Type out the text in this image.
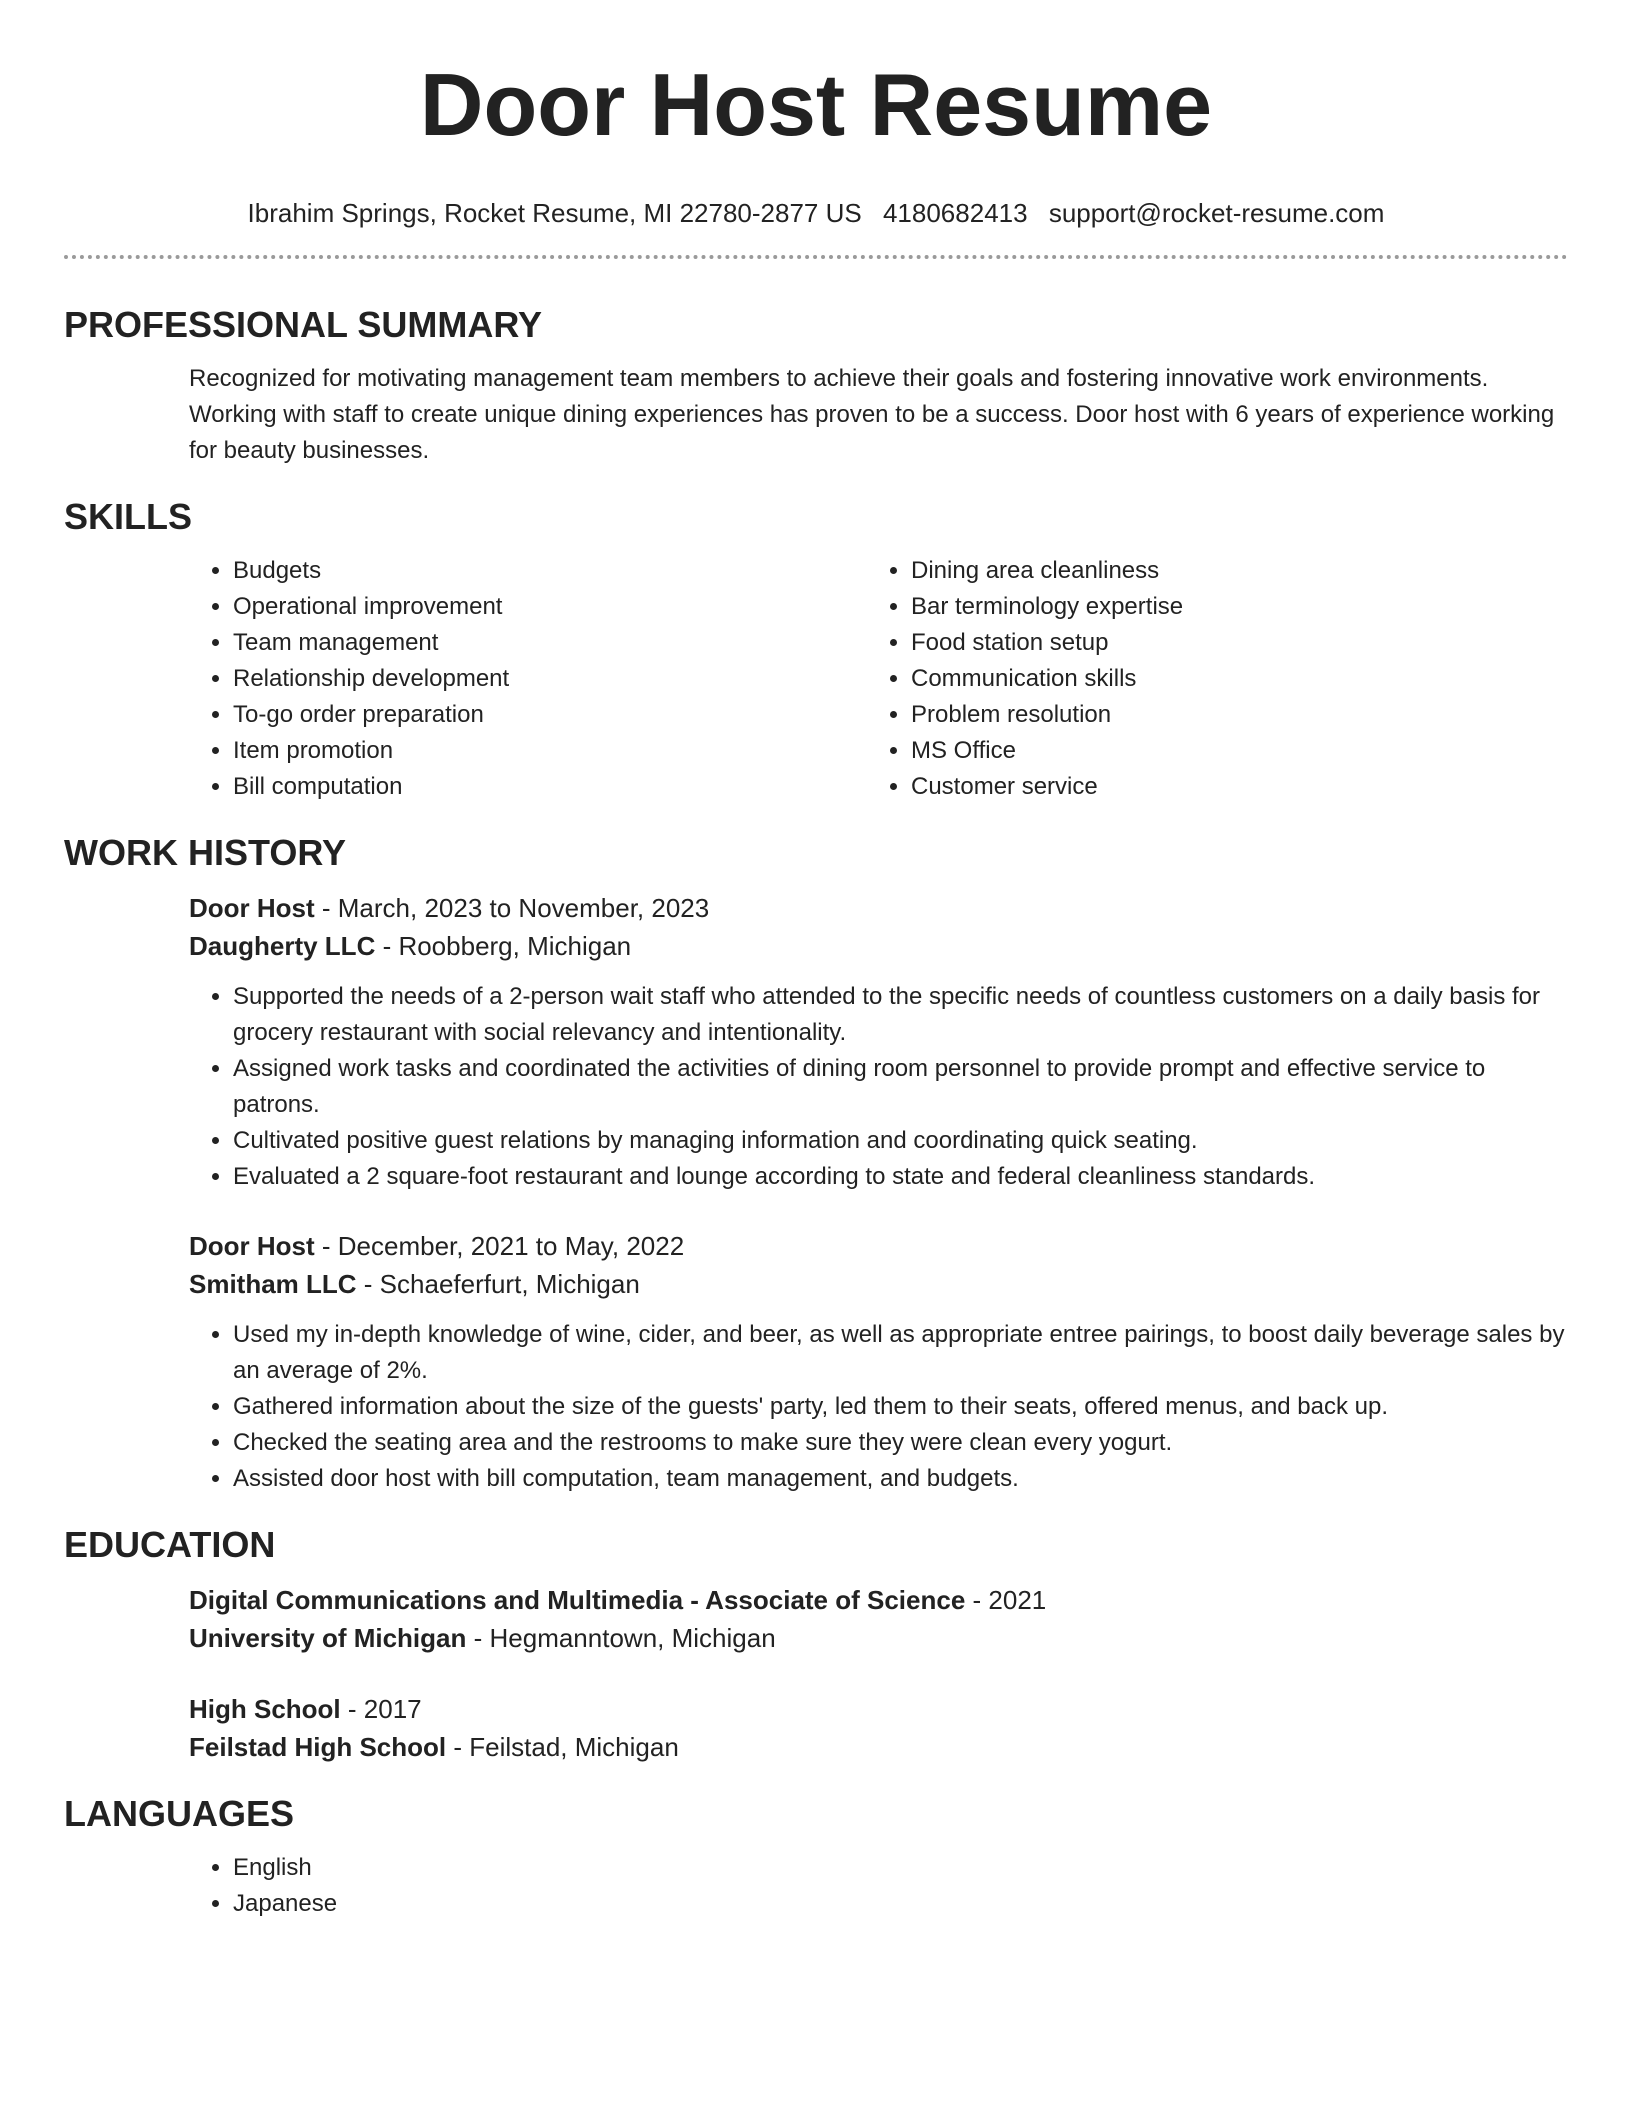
Door Host Resume
Ibrahim Springs, Rocket Resume, MI 22780-2877 US 4180682413 support@rocket-resume.com
PROFESSIONAL SUMMARY

Recognized for motivating management team members to achieve their goals and fostering innovative work environments. Working with staff to create unique dining experiences has proven to be a success. Door host with 6 years of experience working for beauty businesses.

SKILLS
• Budgets
• Operational improvement
• Team management
• Relationship development
• To-go order preparation
• Item promotion
• Bill computation
• Dining area cleanliness
• Bar terminology expertise
• Food station setup
• Communication skills
• Problem resolution
• MS Office
• Customer service
WORK HISTORY

Door Host - March, 2023 to November, 2023

Daugherty LLC - Roobberg, Michigan

• Supported the needs of a 2-person wait staff who attended to the specific needs of countless customers on a daily basis for grocery restaurant with social relevancy and intentionality.
• Assigned work tasks and coordinated the activities of dining room personnel to provide prompt and effective service to patrons.
• Cultivated positive guest relations by managing information and coordinating quick seating.
• Evaluated a 2 square-foot restaurant and lounge according to state and federal cleanliness standards.

Door Host - December, 2021 to May, 2022

Smitham LLC - Schaeferfurt, Michigan

• Used my in-depth knowledge of wine, cider, and beer, as well as appropriate entree pairings, to boost daily beverage sales by an average of 2%.
• Gathered information about the size of the guests' party, led them to their seats, offered menus, and back up.
• Checked the seating area and the restrooms to make sure they were clean every yogurt.
• Assisted door host with bill computation, team management, and budgets.
EDUCATION

Digital Communications and Multimedia - Associate of Science - 2021

University of Michigan - Hegmanntown, Michigan

High School - 2017

Feilstad High School - Feilstad, Michigan

LANGUAGES
• English
• Japanese
